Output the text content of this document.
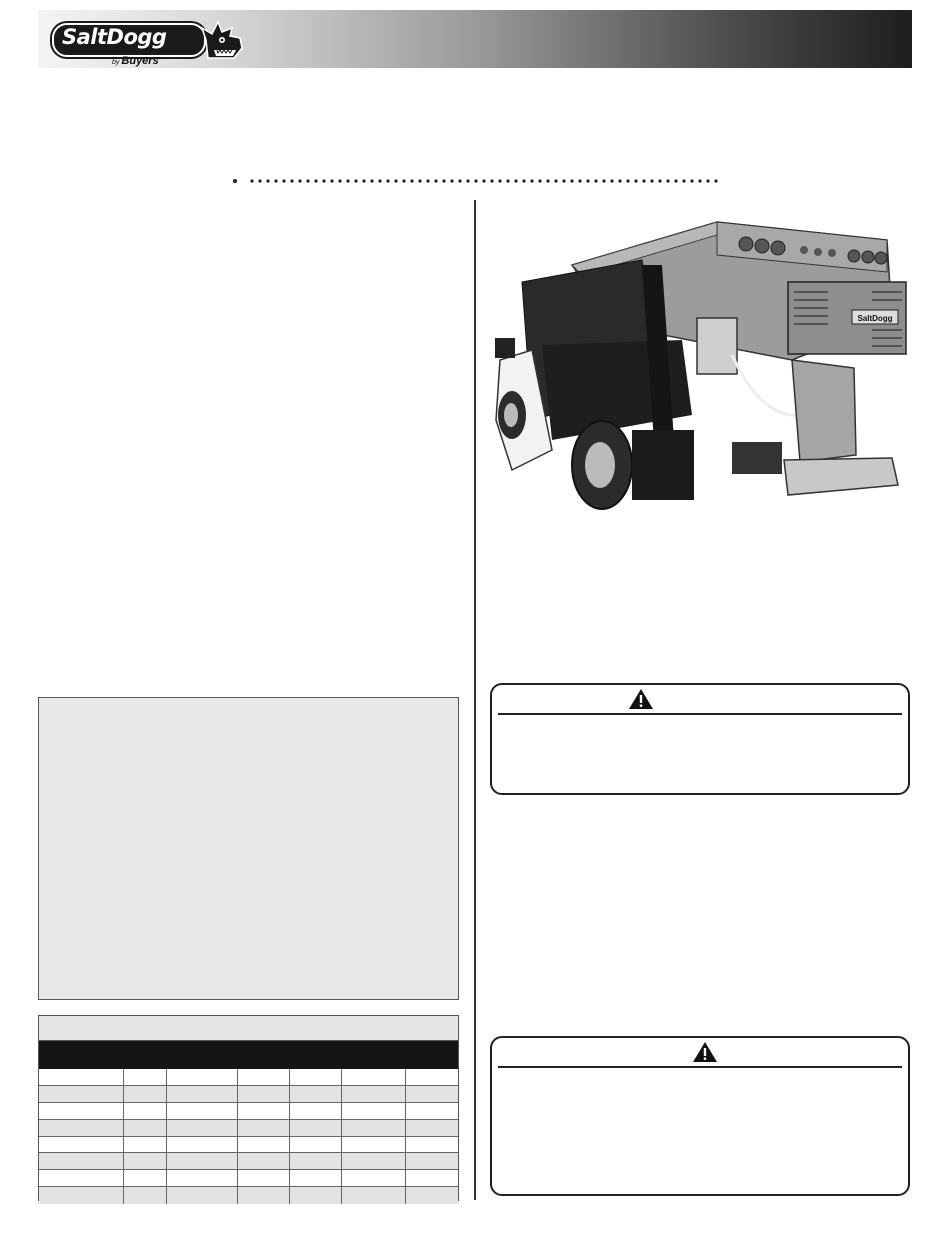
SaltDogg
by Buyers
SaltDogg
